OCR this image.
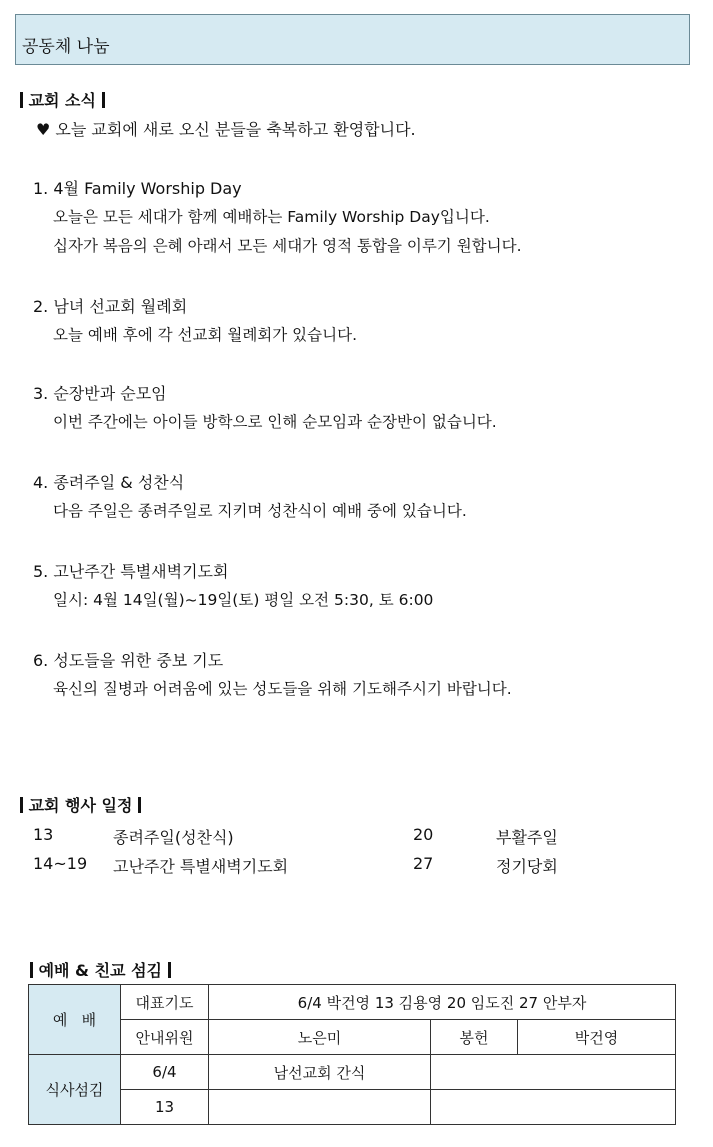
공동체 나눔
교회 소식
♥ 오늘 교회에 새로 오신 분들을 축복하고 환영합니다.
1. 4월 Family Worship Day
오늘은 모든 세대가 함께 예배하는 Family Worship Day입니다.
십자가 복음의 은혜 아래서 모든 세대가 영적 통합을 이루기 원합니다.
2. 남녀 선교회 월례회
오늘 예배 후에 각 선교회 월례회가 있습니다.
3. 순장반과 순모임
이번 주간에는 아이들 방학으로 인해 순모임과 순장반이 없습니다.
4. 종려주일 & 성찬식
다음 주일은 종려주일로 지키며 성찬식이 예배 중에 있습니다.
5. 고난주간 특별새벽기도회
일시: 4월 14일(월)~19일(토) 평일 오전 5:30, 토 6:00
6. 성도들을 위한 중보 기도
육신의 질병과 어려움에 있는 성도들을 위해 기도해주시기 바랍니다.
교회 행사 일정
13	종려주일(성찬식)	20	부활주일
14~19 고난주간 특별새벽기도회	27	정기당회
예배 & 친교 섬김
예   배	대표기도	6/4 박건영 13 김용영 20 임도진 27 안부자		
	안내위원	노은미	봉헌	박건영
식사섬김	6/4	남선교회 간식		
	13			
